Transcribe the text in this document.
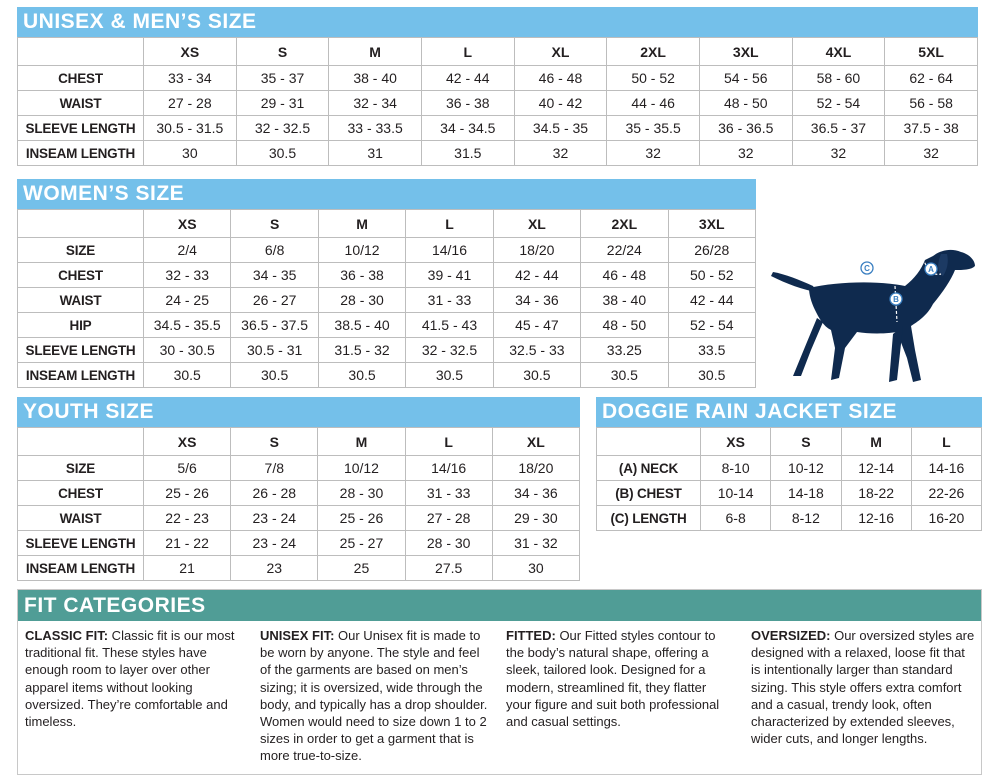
UNISEX & MEN’S SIZE
	XS	S	M	L	XL	2XL	3XL	4XL	5XL
CHEST	33 - 34	35 - 37	38 - 40	42 - 44	46 - 48	50 - 52	54 - 56	58 - 60	62 - 64
WAIST	27 - 28	29 - 31	32 - 34	36 - 38	40 - 42	44 - 46	48 - 50	52 - 54	56 - 58
SLEEVE LENGTH	30.5 - 31.5	32 - 32.5	33 - 33.5	34 - 34.5	34.5 - 35	35 - 35.5	36 - 36.5	36.5 - 37	37.5 - 38
INSEAM LENGTH	30	30.5	31	31.5	32	32	32	32	32
WOMEN’S SIZE
	XS	S	M	L	XL	2XL	3XL
SIZE	2/4	6/8	10/12	14/16	18/20	22/24	26/28
CHEST	32 - 33	34 - 35	36 - 38	39 - 41	42 - 44	46 - 48	50 - 52
WAIST	24 - 25	26 - 27	28 - 30	31 - 33	34 - 36	38 - 40	42 - 44
HIP	34.5 - 35.5	36.5 - 37.5	38.5 - 40	41.5 - 43	45 - 47	48 - 50	52 - 54
SLEEVE LENGTH	30 - 30.5	30.5 - 31	31.5 - 32	32 - 32.5	32.5 - 33	33.25	33.5
INSEAM LENGTH	30.5	30.5	30.5	30.5	30.5	30.5	30.5
C	A
B
YOUTH SIZE
	XS	S	M	L	XL
SIZE	5/6	7/8	10/12	14/16	18/20
CHEST	25 - 26	26 - 28	28 - 30	31 - 33	34 - 36
WAIST	22 - 23	23 - 24	25 - 26	27 - 28	29 - 30
SLEEVE LENGTH	21 - 22	23 - 24	25 - 27	28 - 30	31 - 32
INSEAM LENGTH	21	23	25	27.5	30
DOGGIE RAIN JACKET SIZE
	XS	S	M	L
(A) NECK	8-10	10-12	12-14	14-16
(B) CHEST	10-14	14-18	18-22	22-26
(C) LENGTH	6-8	8-12	12-16	16-20
FIT CATEGORIES
CLASSIC FIT: Classic fit is our most traditional fit. These styles have enough room to layer over other apparel items without looking oversized. They’re comfortable and timeless.
UNISEX FIT: Our Unisex fit is made to be worn by anyone. The style and feel of the garments are based on men’s sizing; it is oversized, wide through the body, and typically has a drop shoulder. Women would need to size down 1 to 2 sizes in order to get a garment that is more true-to-size.
FITTED: Our Fitted styles contour to the body’s natural shape, offering a sleek, tailored look. Designed for a modern, streamlined fit, they flatter your figure and suit both professional and casual settings.
OVERSIZED: Our oversized styles are designed with a relaxed, loose fit that is intentionally larger than standard sizing. This style offers extra comfort and a casual, trendy look, often characterized by extended sleeves, wider cuts, and longer lengths.
